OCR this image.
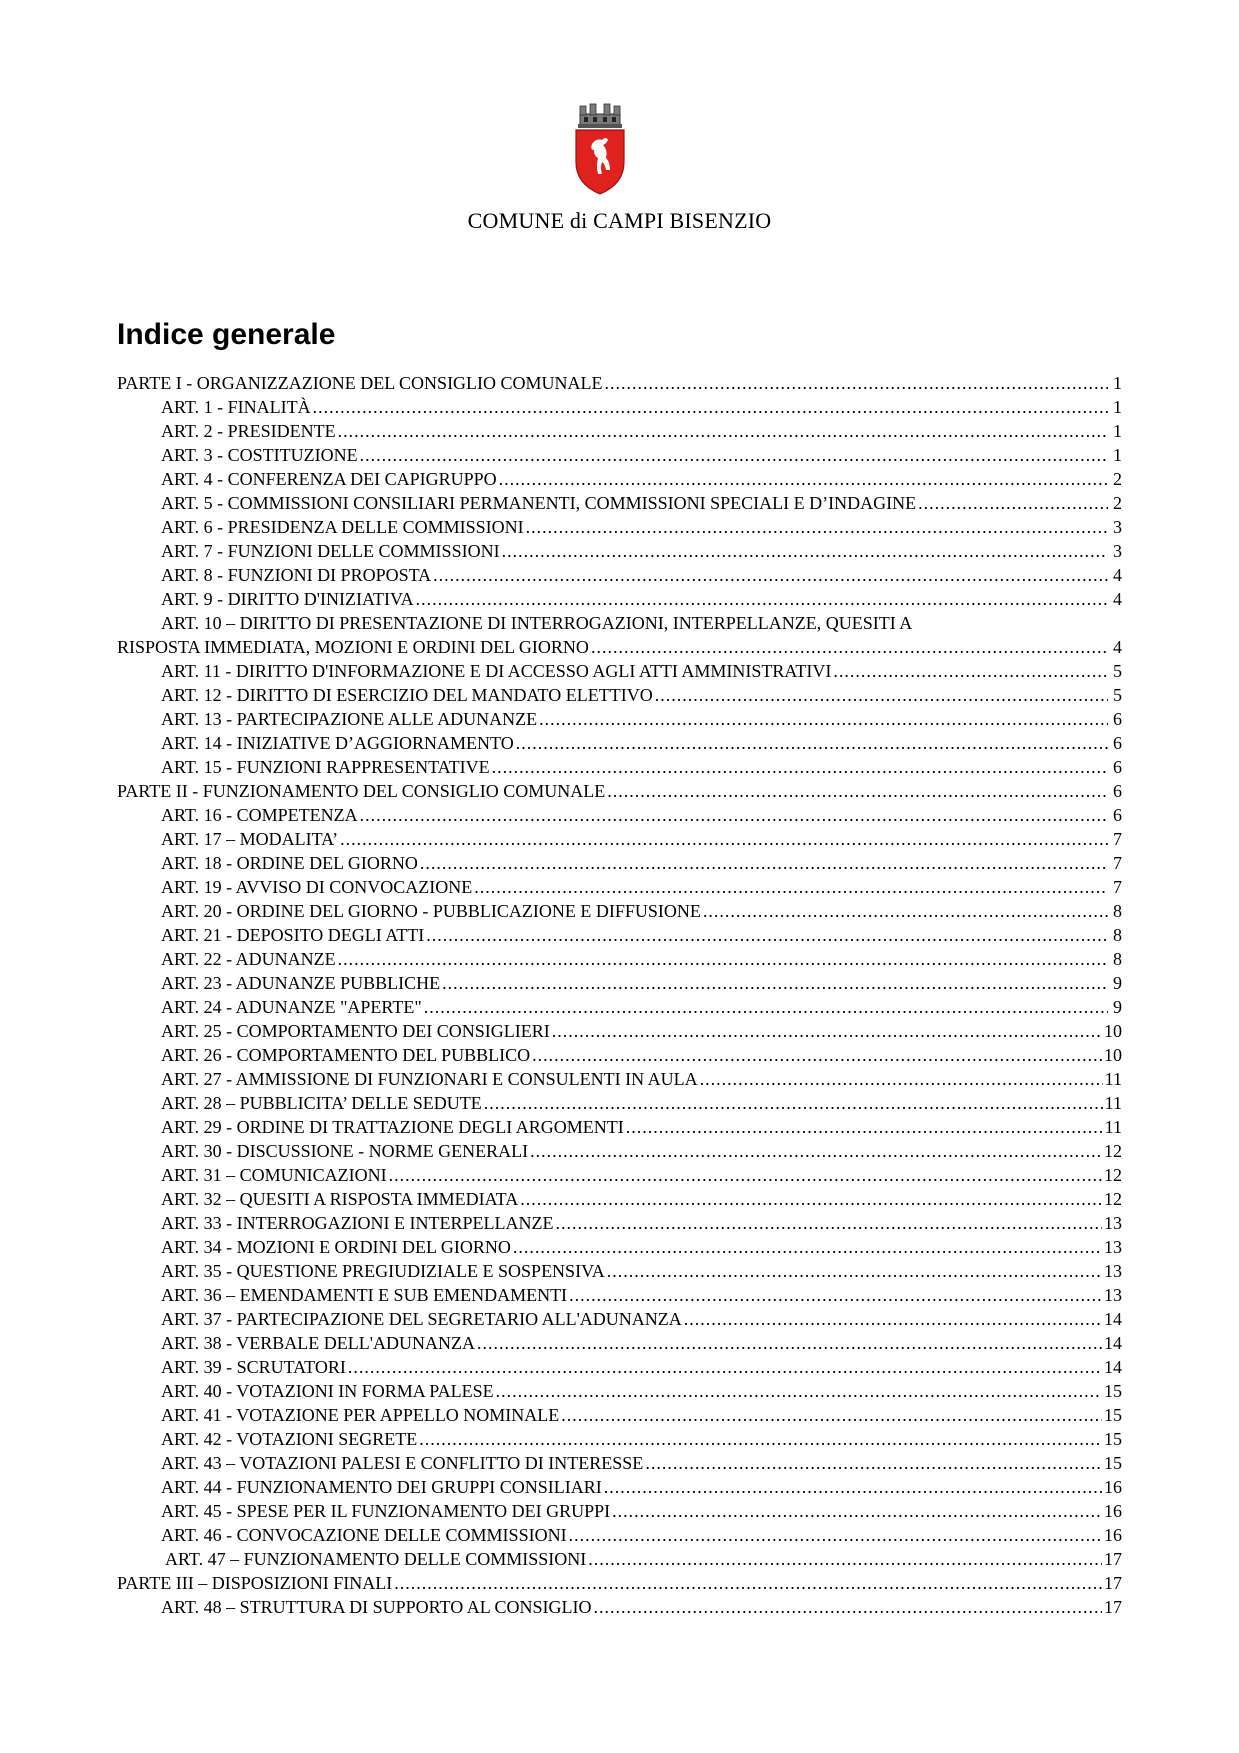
COMUNE di CAMPI BISENZIO
Indice generale
PARTE I - ORGANIZZAZIONE DEL CONSIGLIO COMUNALE .....	1
ART. 1 - FINALITÀ .....	1
ART. 2 - PRESIDENTE .....	1
ART. 3 - COSTITUZIONE .....	1
ART. 4 - CONFERENZA DEI CAPIGRUPPO .....	2
ART. 5 - COMMISSIONI CONSILIARI PERMANENTI, COMMISSIONI SPECIALI E D’INDAGINE .....	2
ART. 6 - PRESIDENZA DELLE COMMISSIONI .....	3
ART. 7 - FUNZIONI DELLE COMMISSIONI .....	3
ART. 8 - FUNZIONI DI PROPOSTA .....	4
ART. 9 - DIRITTO D'INIZIATIVA .....	4
ART. 10 – DIRITTO DI PRESENTAZIONE DI INTERROGAZIONI, INTERPELLANZE, QUESITI A
RISPOSTA IMMEDIATA, MOZIONI E ORDINI DEL GIORNO .....	4
ART. 11 - DIRITTO D'INFORMAZIONE E DI ACCESSO AGLI ATTI AMMINISTRATIVI .....	5
ART. 12 - DIRITTO DI ESERCIZIO DEL MANDATO ELETTIVO .....	5
ART. 13 - PARTECIPAZIONE ALLE ADUNANZE .....	6
ART. 14 - INIZIATIVE D’AGGIORNAMENTO .....	6
ART. 15 - FUNZIONI RAPPRESENTATIVE .....	6
PARTE II - FUNZIONAMENTO DEL CONSIGLIO COMUNALE .....	6
ART. 16 - COMPETENZA .....	6
ART. 17 – MODALITA’ .....	7
ART. 18 - ORDINE DEL GIORNO .....	7
ART. 19 - AVVISO DI CONVOCAZIONE .....	7
ART. 20 - ORDINE DEL GIORNO - PUBBLICAZIONE E DIFFUSIONE .....	8
ART. 21 - DEPOSITO DEGLI ATTI .....	8
ART. 22 - ADUNANZE .....	8
ART. 23 - ADUNANZE PUBBLICHE .....	9
ART. 24 - ADUNANZE "APERTE" .....	9
ART. 25 - COMPORTAMENTO DEI CONSIGLIERI .....	10
ART. 26 - COMPORTAMENTO DEL PUBBLICO .....	10
ART. 27 - AMMISSIONE DI FUNZIONARI E CONSULENTI IN AULA .....	11
ART. 28 – PUBBLICITA’ DELLE SEDUTE .....	11
ART. 29 - ORDINE DI TRATTAZIONE DEGLI ARGOMENTI .....	11
ART. 30 - DISCUSSIONE - NORME GENERALI .....	12
ART. 31 – COMUNICAZIONI .....	12
ART. 32 – QUESITI A RISPOSTA IMMEDIATA .....	12
ART. 33 - INTERROGAZIONI E INTERPELLANZE .....	13
ART. 34 - MOZIONI E ORDINI DEL GIORNO .....	13
ART. 35 - QUESTIONE PREGIUDIZIALE E SOSPENSIVA .....	13
ART. 36 – EMENDAMENTI E SUB EMENDAMENTI .....	13
ART. 37 - PARTECIPAZIONE DEL SEGRETARIO ALL'ADUNANZA .....	14
ART. 38 - VERBALE DELL'ADUNANZA .....	14
ART. 39 - SCRUTATORI .....	14
ART. 40 - VOTAZIONI IN FORMA PALESE .....	15
ART. 41 - VOTAZIONE PER APPELLO NOMINALE .....	15
ART. 42 - VOTAZIONI SEGRETE .....	15
ART. 43 – VOTAZIONI PALESI E CONFLITTO DI INTERESSE .....	15
ART. 44 - FUNZIONAMENTO DEI GRUPPI CONSILIARI .....	16
ART. 45 - SPESE PER IL FUNZIONAMENTO DEI GRUPPI .....	16
ART. 46 - CONVOCAZIONE DELLE COMMISSIONI .....	16
ART. 47 – FUNZIONAMENTO DELLE COMMISSIONI .....	17
PARTE III – DISPOSIZIONI FINALI .....	17
ART. 48 – STRUTTURA DI SUPPORTO AL CONSIGLIO .....	17
